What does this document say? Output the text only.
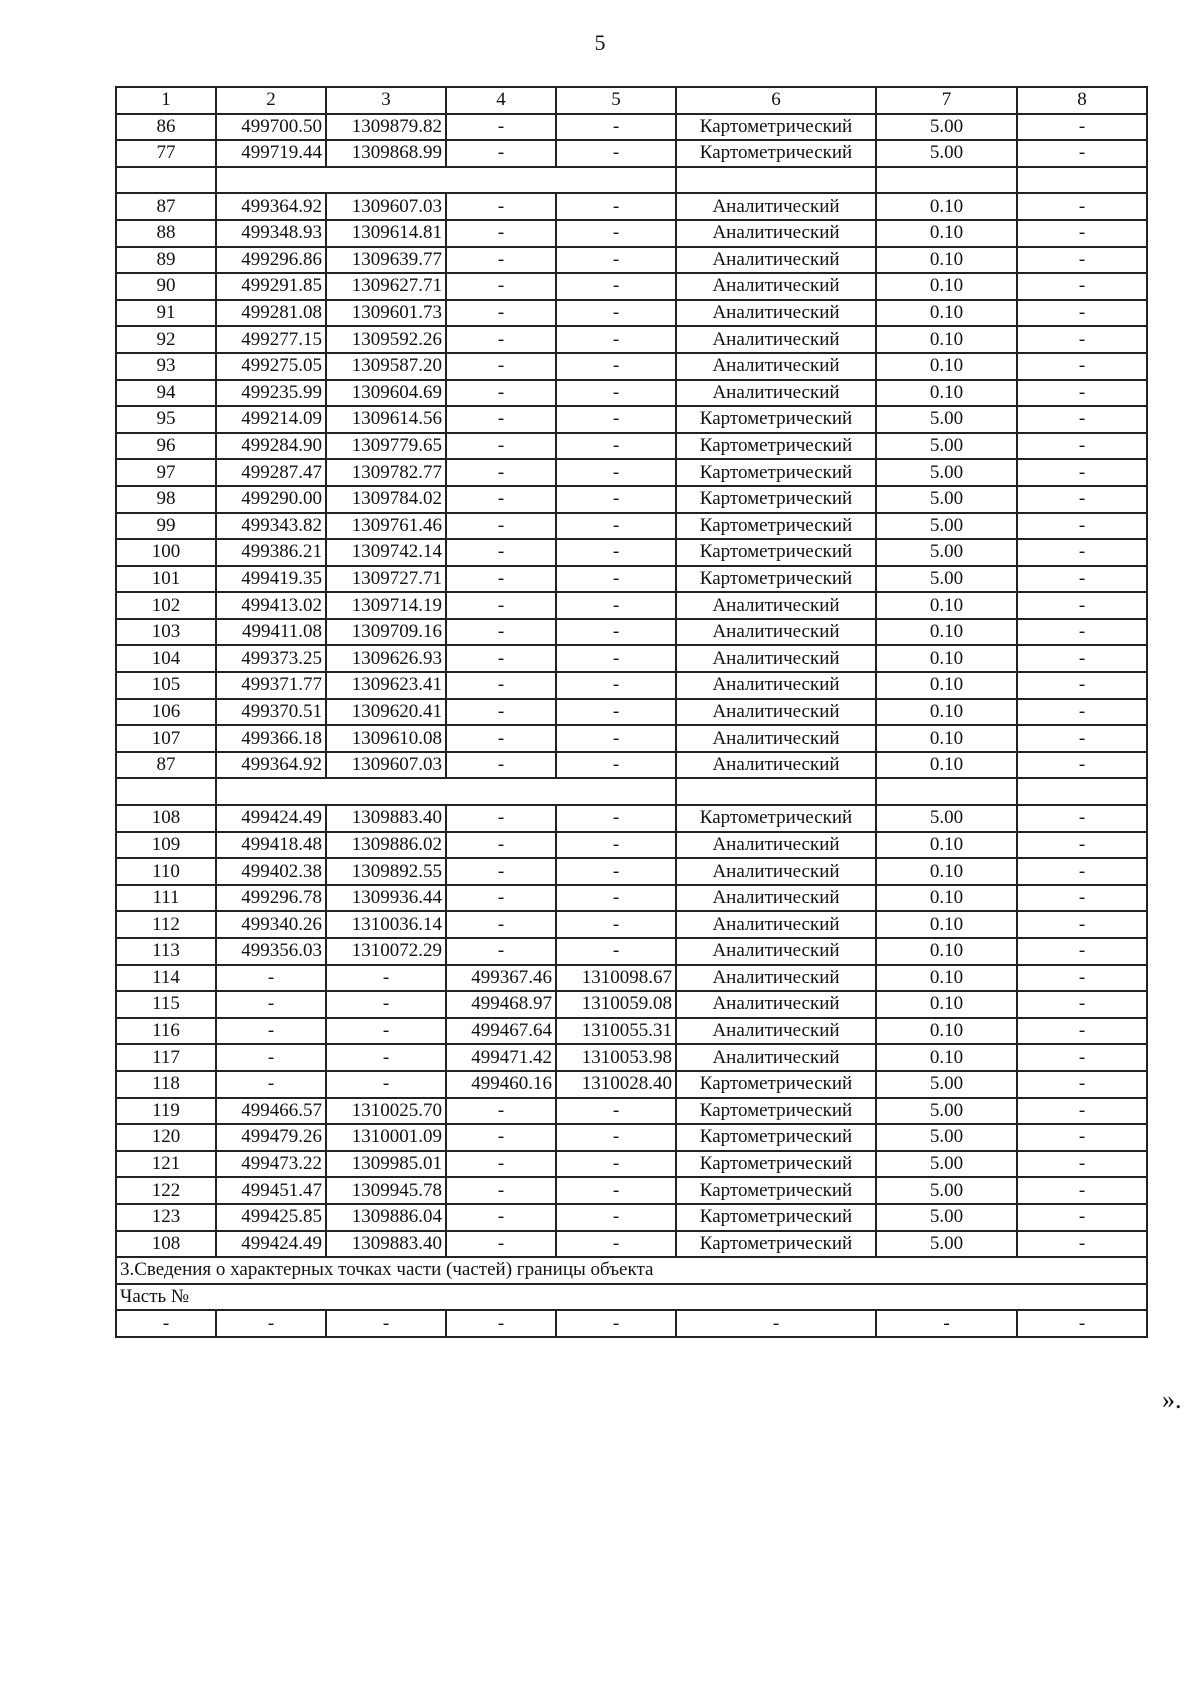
5
1	2	3	4	5	6	7	8
86	499700.50	1309879.82	-	-	Картометрический	5.00	-
77	499719.44	1309868.99	-	-	Картометрический	5.00	-

87	499364.92	1309607.03	-	-	Аналитический	0.10	-
88	499348.93	1309614.81	-	-	Аналитический	0.10	-
89	499296.86	1309639.77	-	-	Аналитический	0.10	-
90	499291.85	1309627.71	-	-	Аналитический	0.10	-
91	499281.08	1309601.73	-	-	Аналитический	0.10	-
92	499277.15	1309592.26	-	-	Аналитический	0.10	-
93	499275.05	1309587.20	-	-	Аналитический	0.10	-
94	499235.99	1309604.69	-	-	Аналитический	0.10	-
95	499214.09	1309614.56	-	-	Картометрический	5.00	-
96	499284.90	1309779.65	-	-	Картометрический	5.00	-
97	499287.47	1309782.77	-	-	Картометрический	5.00	-
98	499290.00	1309784.02	-	-	Картометрический	5.00	-
99	499343.82	1309761.46	-	-	Картометрический	5.00	-
100	499386.21	1309742.14	-	-	Картометрический	5.00	-
101	499419.35	1309727.71	-	-	Картометрический	5.00	-
102	499413.02	1309714.19	-	-	Аналитический	0.10	-
103	499411.08	1309709.16	-	-	Аналитический	0.10	-
104	499373.25	1309626.93	-	-	Аналитический	0.10	-
105	499371.77	1309623.41	-	-	Аналитический	0.10	-
106	499370.51	1309620.41	-	-	Аналитический	0.10	-
107	499366.18	1309610.08	-	-	Аналитический	0.10	-
87	499364.92	1309607.03	-	-	Аналитический	0.10	-

108	499424.49	1309883.40	-	-	Картометрический	5.00	-
109	499418.48	1309886.02	-	-	Аналитический	0.10	-
110	499402.38	1309892.55	-	-	Аналитический	0.10	-
111	499296.78	1309936.44	-	-	Аналитический	0.10	-
112	499340.26	1310036.14	-	-	Аналитический	0.10	-
113	499356.03	1310072.29	-	-	Аналитический	0.10	-
114	-	-	499367.46	1310098.67	Аналитический	0.10	-
115	-	-	499468.97	1310059.08	Аналитический	0.10	-
116	-	-	499467.64	1310055.31	Аналитический	0.10	-
117	-	-	499471.42	1310053.98	Аналитический	0.10	-
118	-	-	499460.16	1310028.40	Картометрический	5.00	-
119	499466.57	1310025.70	-	-	Картометрический	5.00	-
120	499479.26	1310001.09	-	-	Картометрический	5.00	-
121	499473.22	1309985.01	-	-	Картометрический	5.00	-
122	499451.47	1309945.78	-	-	Картометрический	5.00	-
123	499425.85	1309886.04	-	-	Картометрический	5.00	-
108	499424.49	1309883.40	-	-	Картометрический	5.00	-
3.Сведения о характерных точках части (частей) границы объекта							
Часть №							
-	-	-	-	-	-	-	-
».
